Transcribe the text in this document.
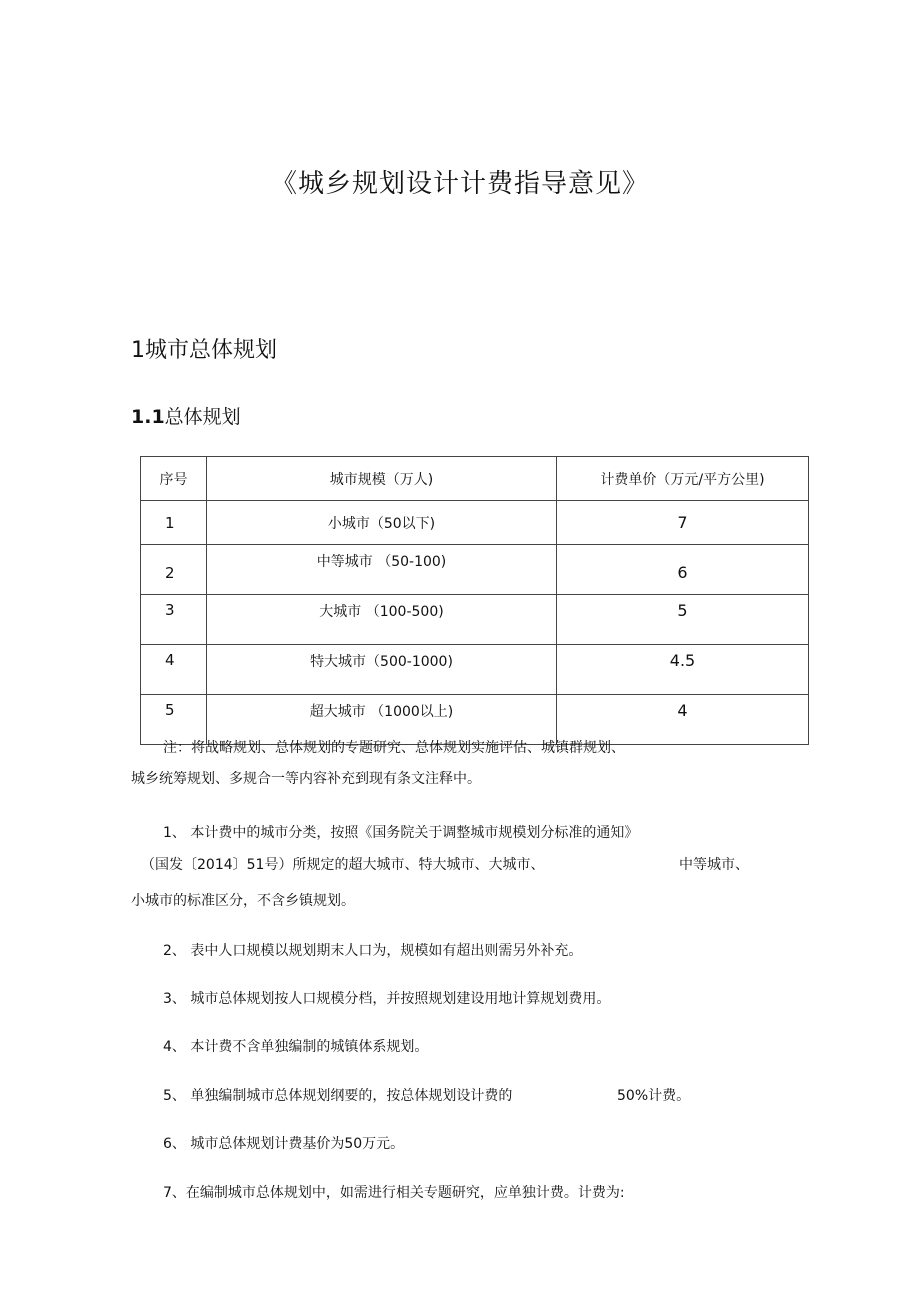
《城乡规划设计计费指导意见》
1城市总体规划
1.1总体规划
序号	城市规模（万人)	计费单价（万元/平方公里)
1	小城市（50以下)	7
2	中等城市 （50-100)	6
3	大城市 （100-500)	5
4	特大城市（500-1000)	4.5
5	超大城市 （1000以上)	4
注：将战略规划、总体规划的专题研究、总体规划实施评估、城镇群规划、
城乡统筹规划、多规合一等内容补充到现有条文注释中。
1、 本计费中的城市分类，按照《国务院关于调整城市规模划分标准的通知》
（国发〔2014〕51号）所规定的超大城市、特大城市、大城市、	中等城市、
小城市的标准区分，不含乡镇规划。
2、 表中人口规模以规划期末人口为，规模如有超出则需另外补充。
3、 城市总体规划按人口规模分档，并按照规划建设用地计算规划费用。
4、 本计费不含单独编制的城镇体系规划。
5、 单独编制城市总体规划纲要的，按总体规划设计费的	50%计费。
6、 城市总体规划计费基价为50万元。
7、在编制城市总体规划中，如需进行相关专题研究，应单独计费。计费为:
